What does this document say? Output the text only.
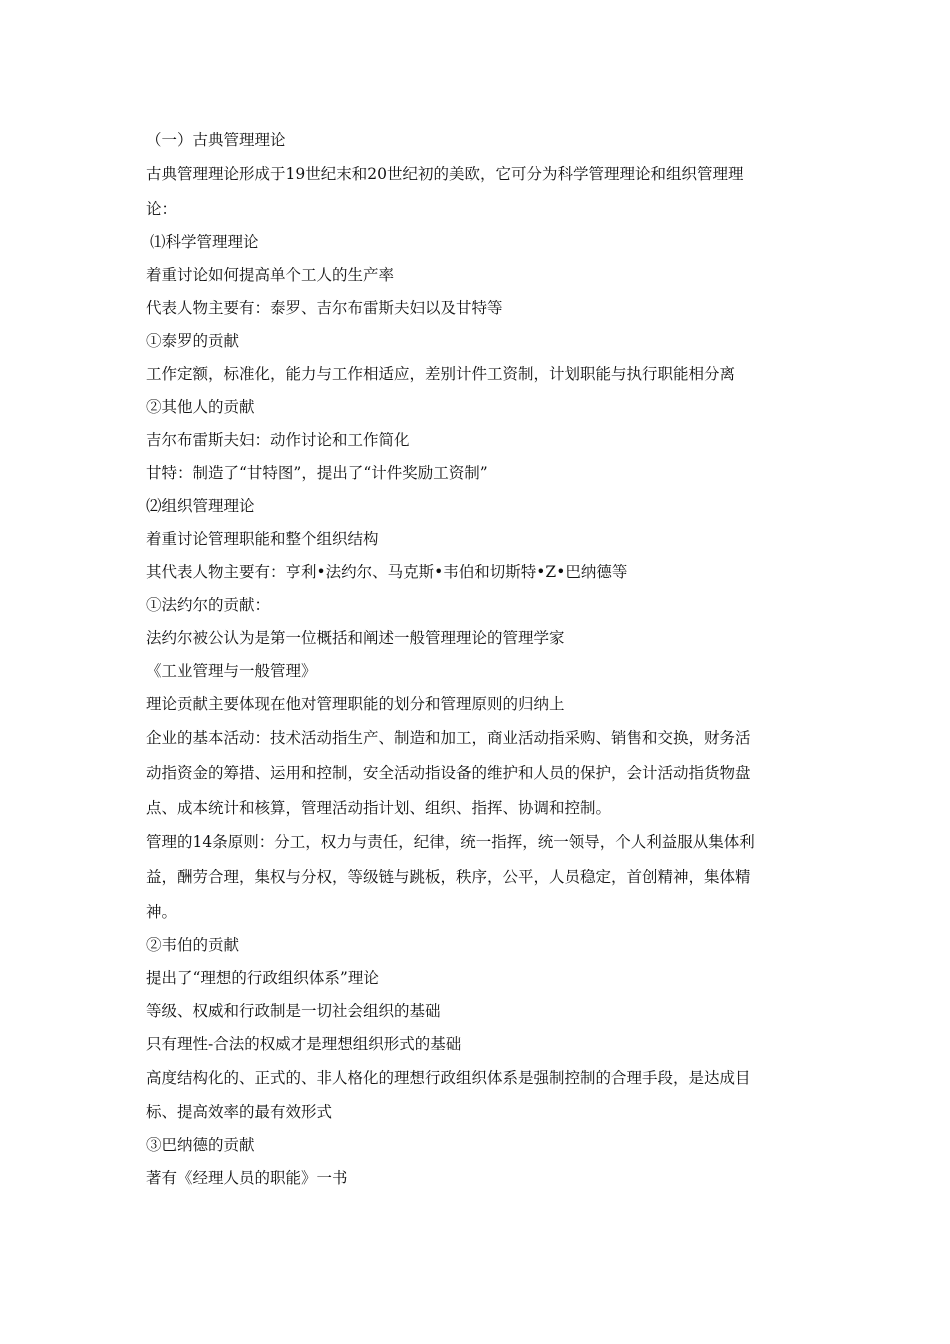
（一）古典管理理论
古典管理理论形成于19世纪末和20世纪初的美欧，它可分为科学管理理论和组织管理理
论：
⑴科学管理理论
着重讨论如何提高单个工人的生产率
代表人物主要有：泰罗、吉尔布雷斯夫妇以及甘特等
①泰罗的贡献
工作定额，标准化，能力与工作相适应，差别计件工资制，计划职能与执行职能相分离
②其他人的贡献
吉尔布雷斯夫妇：动作讨论和工作简化
甘特：制造了“甘特图”，提出了“计件奖励工资制”
⑵组织管理理论
着重讨论管理职能和整个组织结构
其代表人物主要有：亨利•法约尔、马克斯•韦伯和切斯特•Z•巴纳德等
①法约尔的贡献：
法约尔被公认为是第一位概括和阐述一般管理理论的管理学家
《工业管理与一般管理》
理论贡献主要体现在他对管理职能的划分和管理原则的归纳上
企业的基本活动：技术活动指生产、制造和加工，商业活动指采购、销售和交换，财务活
动指资金的筹措、运用和控制，安全活动指设备的维护和人员的保护，会计活动指货物盘
点、成本统计和核算，管理活动指计划、组织、指挥、协调和控制。
管理的14条原则：分工，权力与责任，纪律，统一指挥，统一领导，个人利益服从集体利
益，酬劳合理，集权与分权，等级链与跳板，秩序，公平，人员稳定，首创精神，集体精
神。
②韦伯的贡献
提出了“理想的行政组织体系”理论
等级、权威和行政制是一切社会组织的基础
只有理性-合法的权威才是理想组织形式的基础
高度结构化的、正式的、非人格化的理想行政组织体系是强制控制的合理手段，是达成目
标、提高效率的最有效形式
③巴纳德的贡献
著有《经理人员的职能》一书
